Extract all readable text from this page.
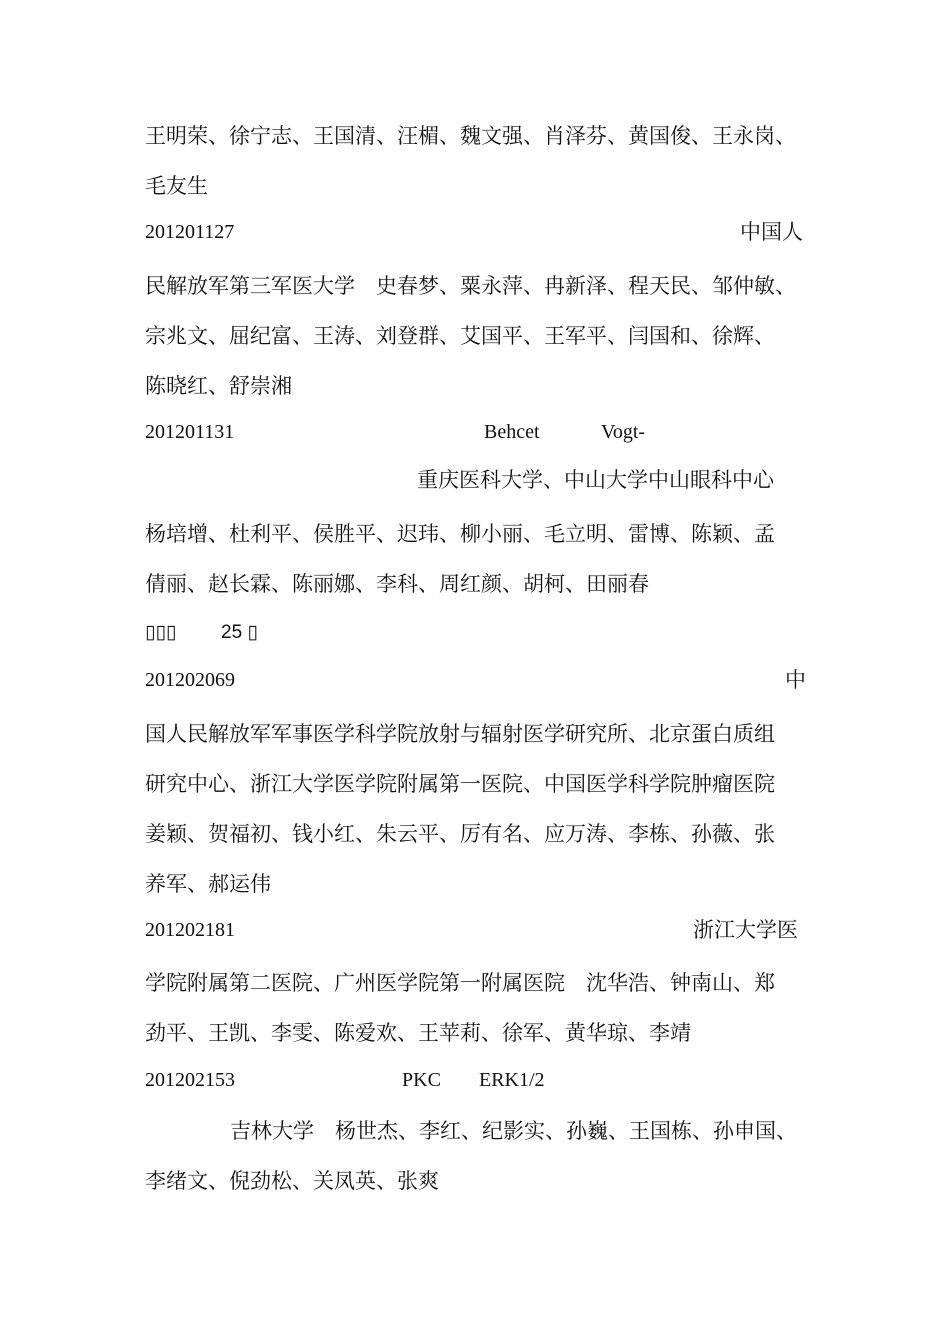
王明荣、徐宁志、王国清、汪楣、魏文强、肖泽芬、黄国俊、王永岗、
毛友生
201201127	中国人
民解放军第三军医大学　史春梦、粟永萍、冉新泽、程天民、邹仲敏、
宗兆文、屈纪富、王涛、刘登群、艾国平、王军平、闫国和、徐辉、
陈晓红、舒崇湘
201201131	Behcet	Vogt-
重庆医科大学、中山大学中山眼科中心
杨培增、杜利平、侯胜平、迟玮、柳小丽、毛立明、雷博、陈颖、孟
倩丽、赵长霖、陈丽娜、李科、周红颜、胡柯、田丽春
▯▯▯ 25 ▯
201202069	中
国人民解放军军事医学科学院放射与辐射医学研究所、北京蛋白质组
研究中心、浙江大学医学院附属第一医院、中国医学科学院肿瘤医院
姜颖、贺福初、钱小红、朱云平、厉有名、应万涛、李栋、孙薇、张
养军、郝运伟
201202181	浙江大学医
学院附属第二医院、广州医学院第一附属医院　沈华浩、钟南山、郑
劲平、王凯、李雯、陈爱欢、王苹莉、徐军、黄华琼、李靖
201202153	PKC ERK1/2
吉林大学　杨世杰、李红、纪影实、孙巍、王国栋、孙申国、
李绪文、倪劲松、关凤英、张爽
